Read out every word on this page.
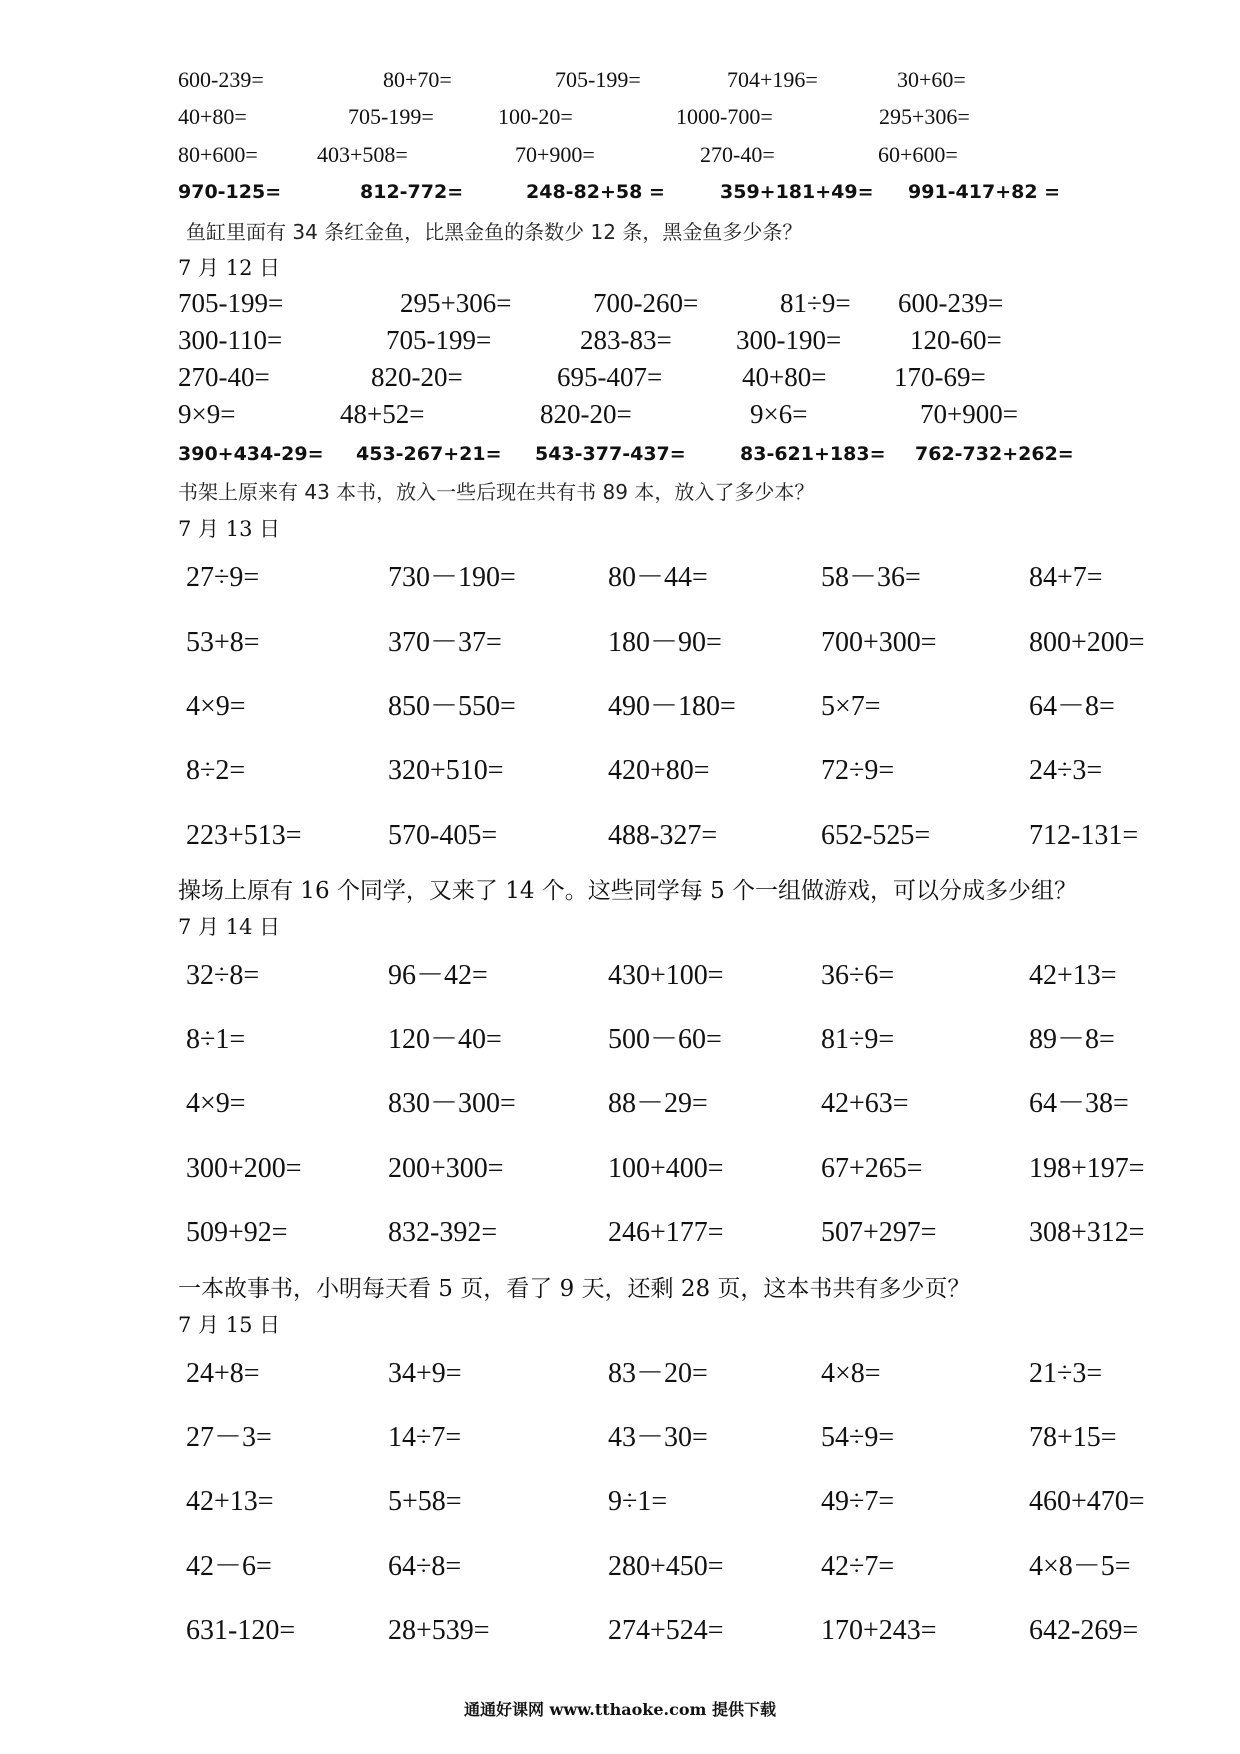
600-239=	80+70=	705-199=	704+196=	30+60=
40+80=	705-199=	100-20=	1000-700=	295+306=
80+600=	403+508=	70+900=	270-40=	60+600=
970-125=	812-772=	248-82+58 =	359+181+49= 991-417+82 =
鱼缸里面有 34 条红金鱼，比黑金鱼的条数少 12 条，黑金鱼多少条？
7 月 12 日
705-199=	295+306=	700-260=	81÷9= 600-239=
300-110=	705-199=	283-83= 300-190=	120-60=
270-40=	820-20=	695-407=	40+80=	170-69=
9×9=	48+52=	820-20=	9×6=	70+900=
390+434-29= 453-267+21= 543-377-437=	83-621+183= 762-732+262=
书架上原来有 43 本书，放入一些后现在共有书 89 本，放入了多少本？
7 月 13 日
27÷9=	730－190=	80－44=	58－36=	84+7=
53+8=	370－37=	180－90=	700+300=	800+200=
4×9=	850－550=	490－180=	5×7=	64－8=
8÷2=	320+510=	420+80=	72÷9=	24÷3=
223+513=	570-405=	488-327=	652-525=	712-131=
操场上原有 16 个同学，又来了 14 个。这些同学每 5 个一组做游戏，可以分成多少组？
7 月 14 日
32÷8=	96－42=	430+100=	36÷6=	42+13=
8÷1=	120－40=	500－60=	81÷9=	89－8=
4×9=	830－300=	88－29=	42+63=	64－38=
300+200=	200+300=	100+400=	67+265=	198+197=
509+92=	832-392=	246+177=	507+297=	308+312=
一本故事书，小明每天看 5 页，看了 9 天，还剩 28 页，这本书共有多少页？
7 月 15 日
24+8=	34+9=	83－20=	4×8=	21÷3=
27－3=	14÷7=	43－30=	54÷9=	78+15=
42+13=	5+58=	9÷1=	49÷7=	460+470=
42－6=	64÷8=	280+450=	42÷7=	4×8－5=
631-120=	28+539=	274+524=	170+243=	642-269=
通通好课网 www.tthaoke.com 提供下载
